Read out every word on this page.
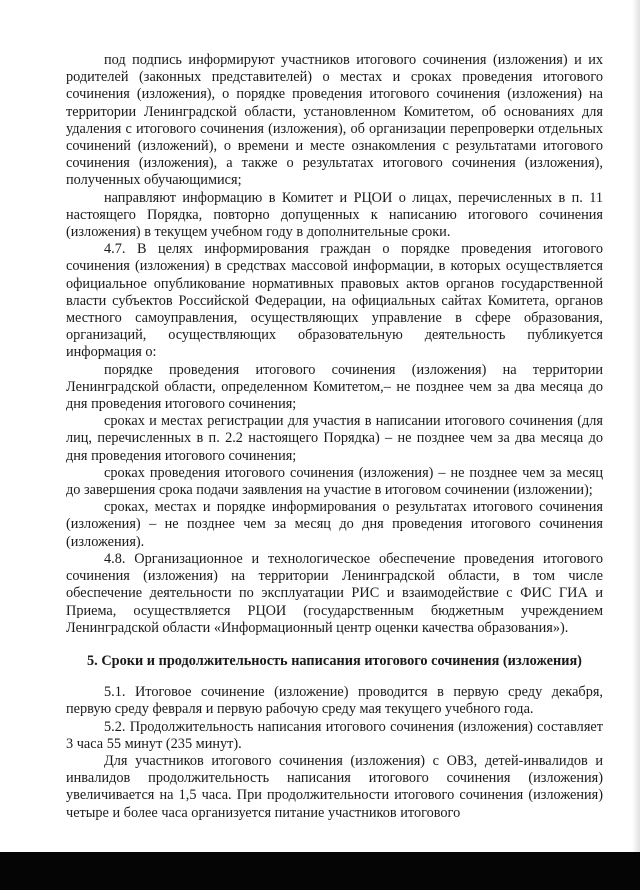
под подпись информируют участников итогового сочинения (изложения) и их родителей (законных представителей) о местах и сроках проведения итогового сочинения (изложения), о порядке проведения итогового сочинения (изложения) на территории Ленинградской области, установленном Комитетом, об основаниях для удаления с итогового сочинения (изложения), об организации перепроверки отдельных сочинений (изложений), о времени и месте ознакомления с результатами итогового сочинения (изложения), а также о результатах итогового сочинения (изложения), полученных обучающимися;

направляют информацию в Комитет и РЦОИ о лицах, перечисленных в п. 11 настоящего Порядка, повторно допущенных к написанию итогового сочинения (изложения) в текущем учебном году в дополнительные сроки.

4.7. В целях информирования граждан о порядке проведения итогового сочинения (изложения) в средствах массовой информации, в которых осуществляется официальное опубликование нормативных правовых актов органов государственной власти субъектов Российской Федерации, на официальных сайтах Комитета, органов местного самоуправления, осуществляющих управление в сфере образования, организаций, осуществляющих образовательную деятельность публикуется информация о:

порядке проведения итогового сочинения (изложения) на территории Ленинградской области, определенном Комитетом,– не позднее чем за два месяца до дня проведения итогового сочинения;

сроках и местах регистрации для участия в написании итогового сочинения (для лиц, перечисленных в п. 2.2 настоящего Порядка) – не позднее чем за два месяца до дня проведения итогового сочинения;

сроках проведения итогового сочинения (изложения) – не позднее чем за месяц до завершения срока подачи заявления на участие в итоговом сочинении (изложении);

сроках, местах и порядке информирования о результатах итогового сочинения (изложения) – не позднее чем за месяц до дня проведения итогового сочинения (изложения).

4.8. Организационное и технологическое обеспечение проведения итогового сочинения (изложения) на территории Ленинградской области, в том числе обеспечение деятельности по эксплуатации РИС и взаимодействие с ФИС ГИА и Приема, осуществляется РЦОИ (государственным бюджетным учреждением Ленинградской области «Информационный центр оценки качества образования»).

5. Сроки и продолжительность написания итогового сочинения (изложения)

5.1. Итоговое сочинение (изложение) проводится в первую среду декабря, первую среду февраля и первую рабочую среду мая текущего учебного года.

5.2. Продолжительность написания итогового сочинения (изложения) составляет 3 часа 55 минут (235 минут).

Для участников итогового сочинения (изложения) с ОВЗ, детей-инвалидов и инвалидов продолжительность написания итогового сочинения (изложения) увеличивается на 1,5 часа. При продолжительности итогового сочинения (изложения) четыре и более часа организуется питание участников итогового
